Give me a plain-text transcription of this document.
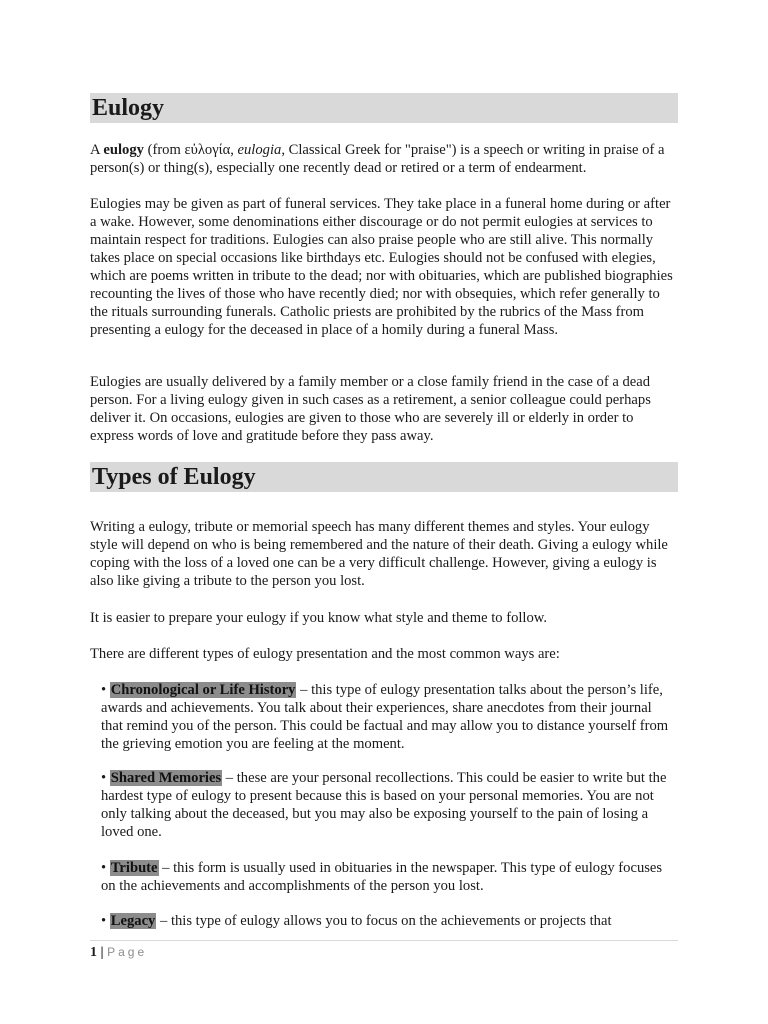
Eulogy

A eulogy (from εὐλογία, eulogia, Classical Greek for "praise") is a speech or writing in praise of a person(s) or thing(s), especially one recently dead or retired or a term of endearment.

Eulogies may be given as part of funeral services. They take place in a funeral home during or after a wake. However, some denominations either discourage or do not permit eulogies at services to maintain respect for traditions. Eulogies can also praise people who are still alive. This normally takes place on special occasions like birthdays etc. Eulogies should not be confused with elegies, which are poems written in tribute to the dead; nor with obituaries, which are published biographies recounting the lives of those who have recently died; nor with obsequies, which refer generally to the rituals surrounding funerals. Catholic priests are prohibited by the rubrics of the Mass from presenting a eulogy for the deceased in place of a homily during a funeral Mass.
Eulogies are usually delivered by a family member or a close family friend in the case of a dead person. For a living eulogy given in such cases as a retirement, a senior colleague could perhaps deliver it. On occasions, eulogies are given to those who are severely ill or elderly in order to express words of love and gratitude before they pass away.
Types of Eulogy
Writing a eulogy, tribute or memorial speech has many different themes and styles. Your eulogy style will depend on who is being remembered and the nature of their death. Giving a eulogy while coping with the loss of a loved one can be a very difficult challenge. However, giving a eulogy is also like giving a tribute to the person you lost.
It is easier to prepare your eulogy if you know what style and theme to follow.
There are different types of eulogy presentation and the most common ways are:
• Chronological or Life History – this type of eulogy presentation talks about the person’s life, awards and achievements. You talk about their experiences, share anecdotes from their journal that remind you of the person. This could be factual and may allow you to distance yourself from the grieving emotion you are feeling at the moment.
• Shared Memories – these are your personal recollections. This could be easier to write but the hardest type of eulogy to present because this is based on your personal memories. You are not only talking about the deceased, but you may also be exposing yourself to the pain of losing a loved one.
• Tribute – this form is usually used in obituaries in the newspaper. This type of eulogy focuses on the achievements and accomplishments of the person you lost.
• Legacy – this type of eulogy allows you to focus on the achievements or projects that
1 | Page
